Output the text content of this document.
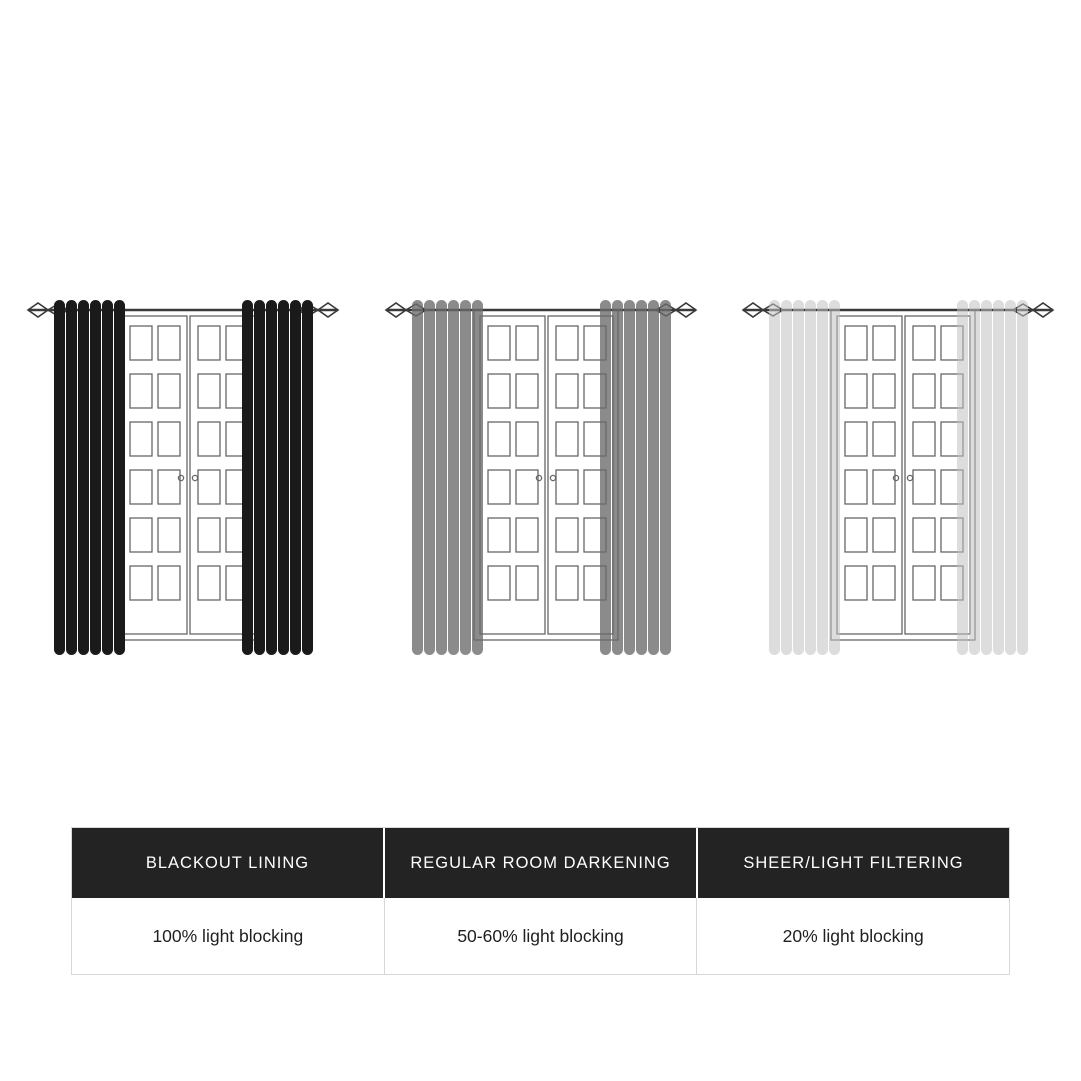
BLACKOUT LINING	REGULAR ROOM DARKENING	SHEER/LIGHT FILTERING
100% light blocking	50-60% light blocking	20% light blocking
